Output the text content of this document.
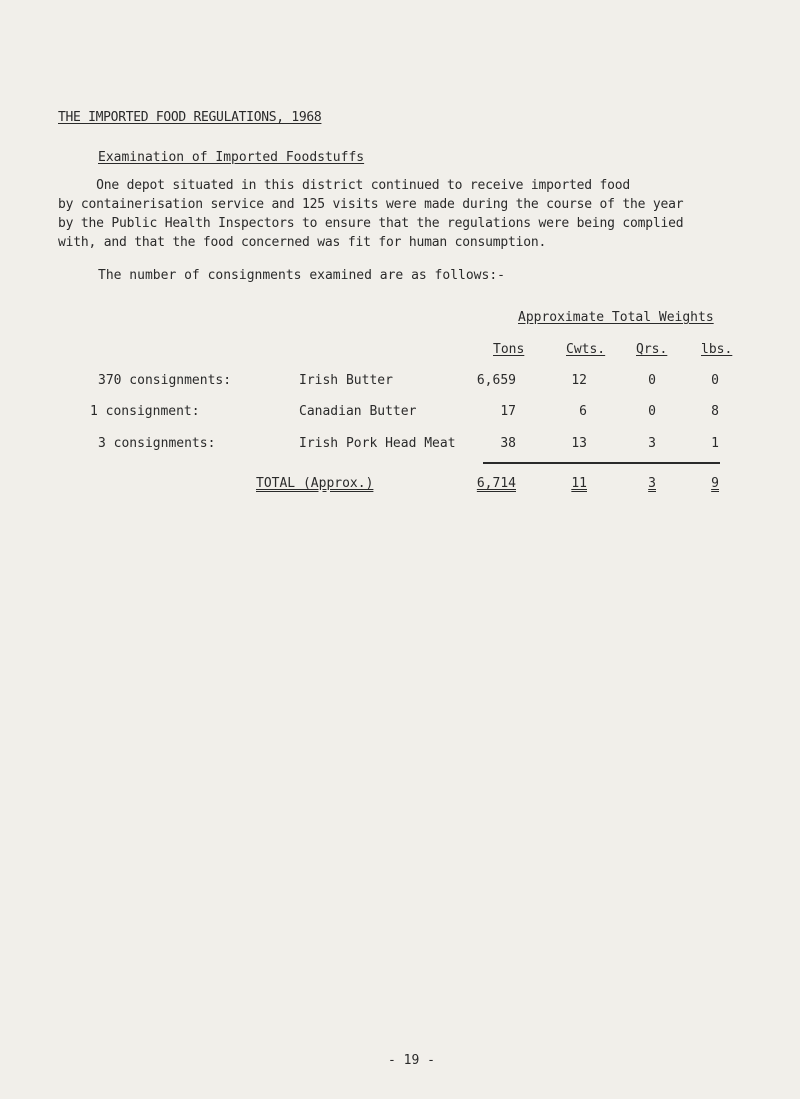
THE IMPORTED FOOD REGULATIONS, 1968
Examination of Imported Foodstuffs
One depot situated in this district continued to receive imported food
by containerisation service and 125 visits were made during the course of the year
by the Public Health Inspectors to ensure that the regulations were being complied
with, and that the food concerned was fit for human consumption.
The number of consignments examined are as follows:-
Approximate Total Weights
Tons	Cwts. Qrs.	lbs.
370 consignments:	Irish Butter	6,659	12	0	0
1 consignment:	Canadian Butter	17	6	0	8
3 consignments:	Irish Pork Head Meat	38	13	3	1
TOTAL (Approx.)	6,714	11	3	9
- 19 -
